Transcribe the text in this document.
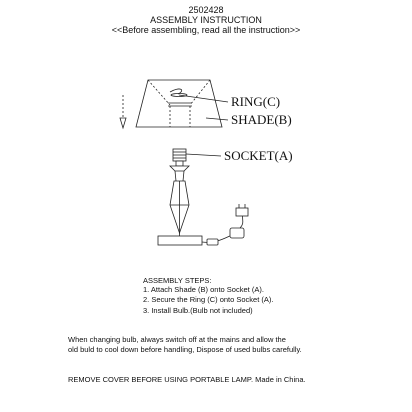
2502428
ASSEMBLY INSTRUCTION
<<Before assembling, read all the instruction>>
RING(C)
SHADE(B)
SOCKET(A)
ASSEMBLY STEPS:
1. Attach Shade (B) onto Socket (A).
2. Secure the Ring (C) onto Socket (A).
3. Install Bulb.(Bulb not included)
When changing bulb, always switch off at the mains and allow the
old buld to cool down before handling, Dispose of used bulbs carefully.
REMOVE COVER BEFORE USING PORTABLE LAMP. Made in China.
